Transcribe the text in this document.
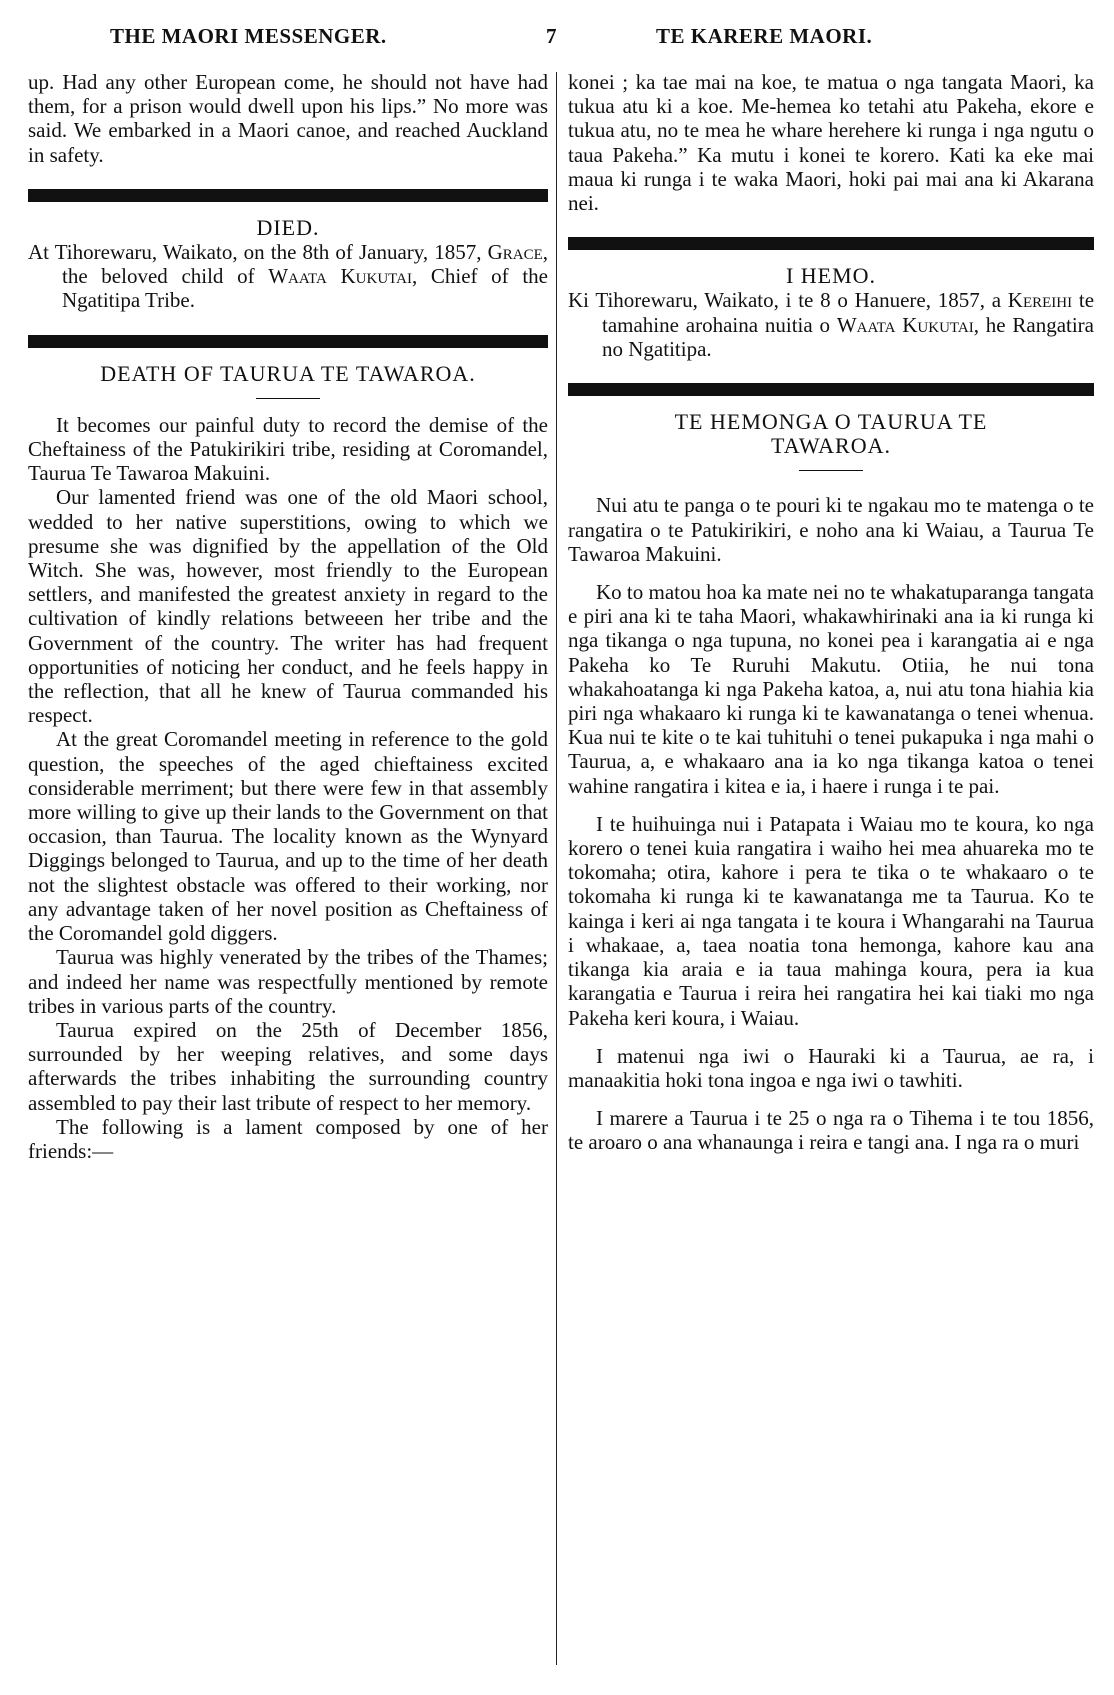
THE MAORI MESSENGER.	7	TE KARERE MAORI.

up. Had any other European come, he should not have had them, for a prison would dwell upon his lips.” No more was said. We embarked in a Maori canoe, and reached Auckland in safety.

DIED.

At Tihorewaru, Waikato, on the 8th of January, 1857, Grace, the beloved child of Waata Kukutai, Chief of the Ngatitipa Tribe.

DEATH OF TAURUA TE TAWAROA.

It becomes our painful duty to record the demise of the Cheftainess of the Patukirikiri tribe, residing at Coromandel, Taurua Te Tawaroa Makuini.

Our lamented friend was one of the old Maori school, wedded to her native superstitions, owing to which we presume she was dignified by the appellation of the Old Witch. She was, however, most friendly to the European settlers, and manifested the greatest anxiety in regard to the cultivation of kindly relations betweeen her tribe and the Government of the country. The writer has had frequent opportunities of noticing her conduct, and he feels happy in the reflection, that all he knew of Taurua commanded his respect.

At the great Coromandel meeting in reference to the gold question, the speeches of the aged chieftainess excited considerable merriment; but there were few in that assembly more willing to give up their lands to the Government on that occasion, than Taurua. The locality known as the Wynyard Diggings belonged to Taurua, and up to the time of her death not the slightest obstacle was offered to their working, nor any advantage taken of her novel position as Cheftainess of the Coromandel gold diggers.

Taurua was highly venerated by the tribes of the Thames; and indeed her name was respectfully mentioned by remote tribes in various parts of the country.

Taurua expired on the 25th of December 1856, surrounded by her weeping relatives, and some days afterwards the tribes inhabiting the surrounding country assembled to pay their last tribute of respect to her memory.

The following is a lament composed by one of her friends:—

konei ; ka tae mai na koe, te matua o nga tangata Maori, ka tukua atu ki a koe. Me-hemea ko tetahi atu Pakeha, ekore e tukua atu, no te mea he whare herehere ki runga i nga ngutu o taua Pakeha.” Ka mutu i konei te korero. Kati ka eke mai maua ki runga i te waka Maori, hoki pai mai ana ki Akarana nei.

I HEMO.

Ki Tihorewaru, Waikato, i te 8 o Hanuere, 1857, a Kereihi te tamahine arohaina nuitia o Waata Kukutai, he Rangatira no Ngatitipa.

TE HEMONGA O TAURUA TE TAWAROA.

Nui atu te panga o te pouri ki te ngakau mo te matenga o te rangatira o te Patukirikiri, e noho ana ki Waiau, a Taurua Te Tawaroa Makuini.

Ko to matou hoa ka mate nei no te whakatuparanga tangata e piri ana ki te taha Maori, whakawhirinaki ana ia ki runga ki nga tikanga o nga tupuna, no konei pea i karangatia ai e nga Pakeha ko Te Ruruhi Makutu. Otiia, he nui tona whakahoatanga ki nga Pakeha katoa, a, nui atu tona hiahia kia piri nga whakaaro ki runga ki te kawanatanga o tenei whenua. Kua nui te kite o te kai tuhituhi o tenei pukapuka i nga mahi o Taurua, a, e whakaaro ana ia ko nga tikanga katoa o tenei wahine rangatira i kitea e ia, i haere i runga i te pai.

I te huihuinga nui i Patapata i Waiau mo te koura, ko nga korero o tenei kuia rangatira i waiho hei mea ahuareka mo te tokomaha; otira, kahore i pera te tika o te whakaaro o te tokomaha ki runga ki te kawanatanga me ta Taurua. Ko te kainga i keri ai nga tangata i te koura i Whangarahi na Taurua i whakaae, a, taea noatia tona hemonga, kahore kau ana tikanga kia araia e ia taua mahinga koura, pera ia kua karangatia e Taurua i reira hei rangatira hei kai tiaki mo nga Pakeha keri koura, i Waiau.

I matenui nga iwi o Hauraki ki a Taurua, ae ra, i manaakitia hoki tona ingoa e nga iwi o tawhiti.

I marere a Taurua i te 25 o nga ra o Tihema i te tou 1856, te aroaro o ana whanaunga i reira e tangi ana. I nga ra o muri
